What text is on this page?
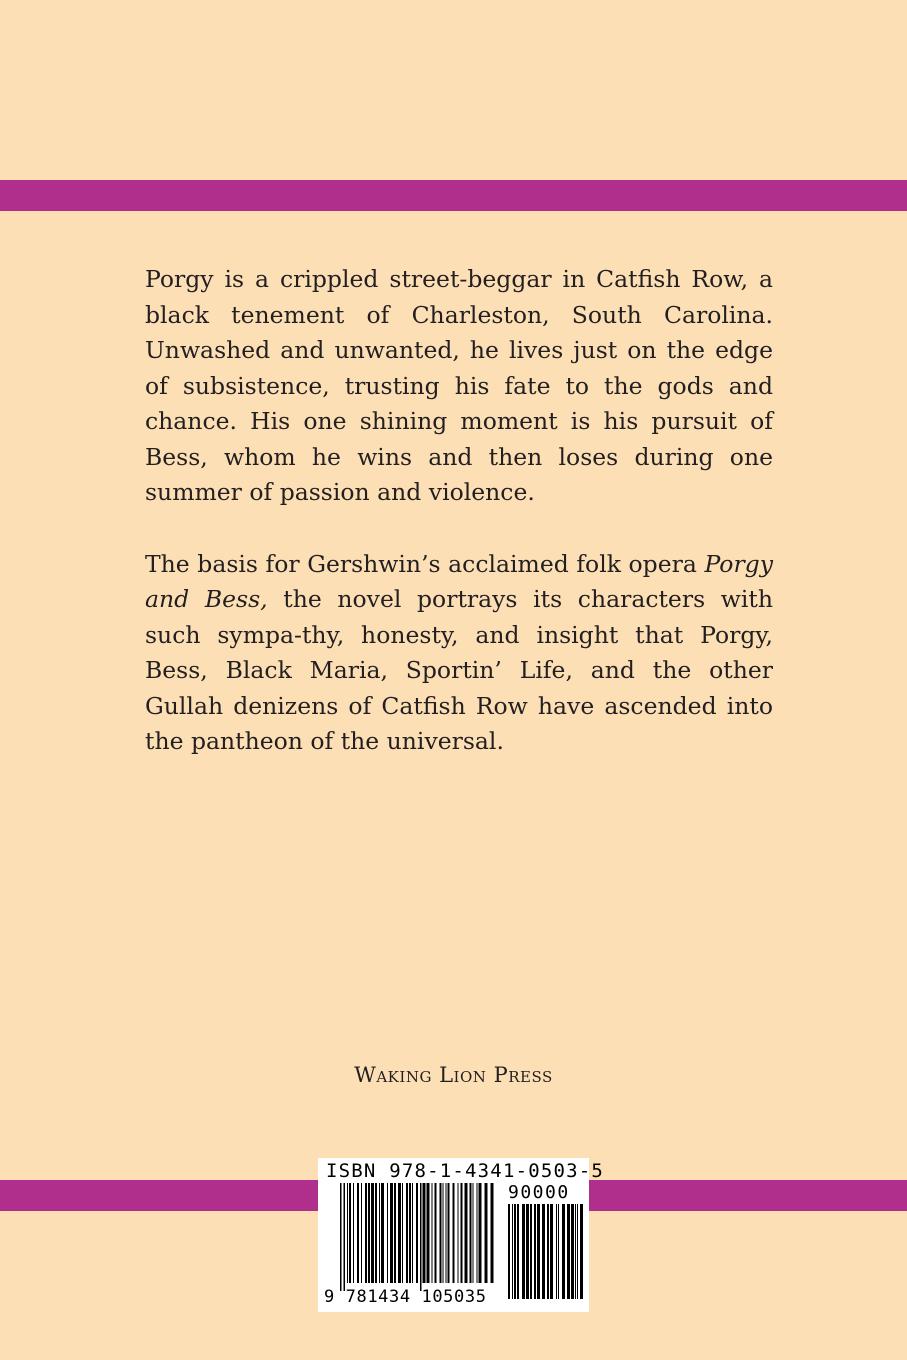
Porgy is a crippled street-beggar in Catfish Row, a black tenement of Charleston, South Carolina. Unwashed and unwanted, he lives just on the edge of subsistence, trusting his fate to the gods and chance. His one shining moment is his pursuit of Bess, whom he wins and then loses during one summer of passion and violence.

The basis for Gershwin’s acclaimed folk opera Porgy and Bess, the novel portrays its characters with such sympa-thy, honesty, and insight that Porgy, Bess, Black Maria, Sportin’ Life, and the other Gullah denizens of Catfish Row have ascended into the pantheon of the universal.

Waking Lion Press
ISBN 978-1-4341-0503-5
90000
9 781434 105035
